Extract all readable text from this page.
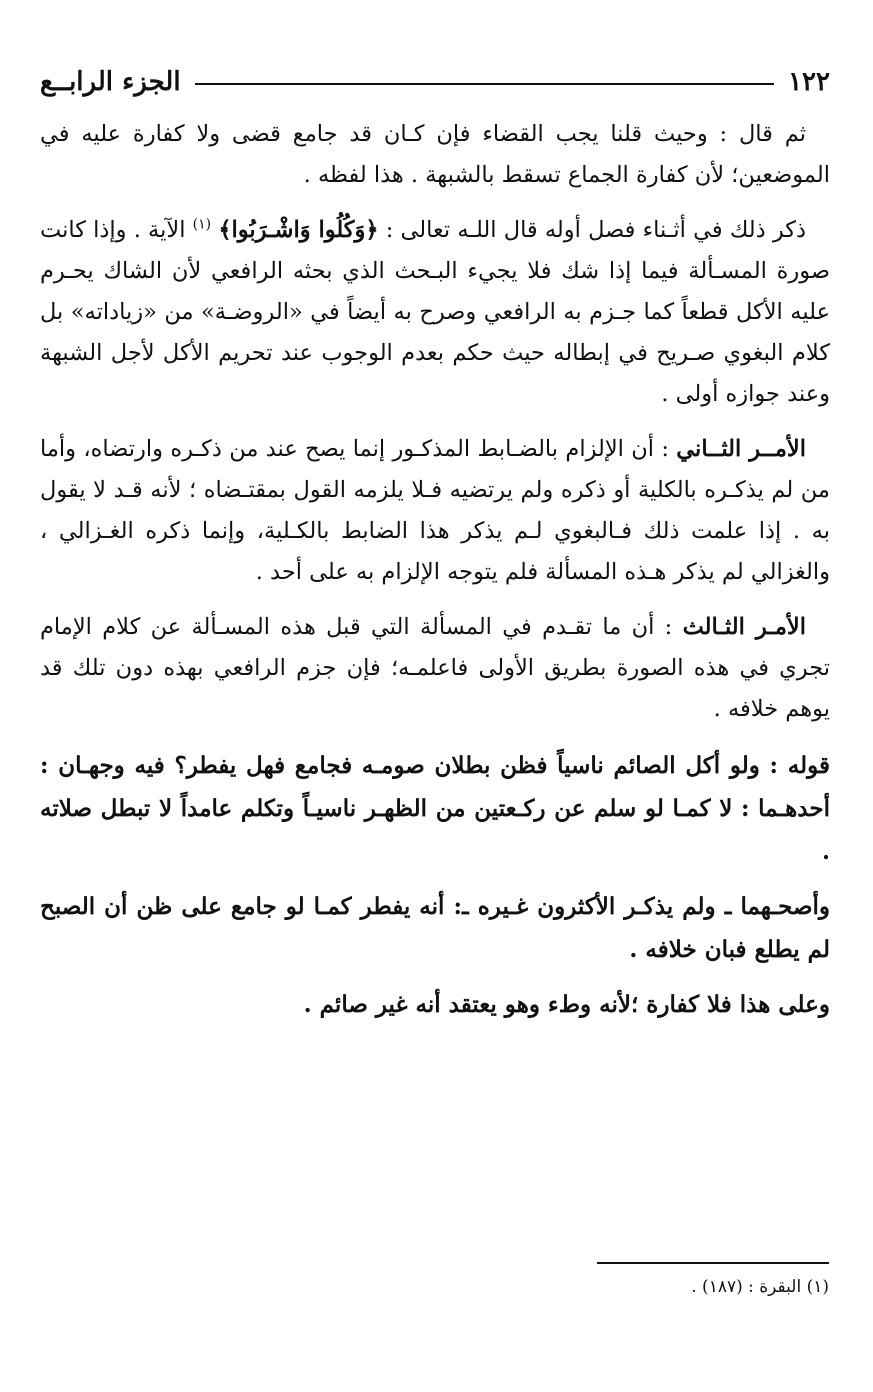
١٢٢
الجزء الرابــع

ثم قال : وحيث قلنا يجب القضاء فإن كـان قد جامع قضى ولا كفارة عليه في الموضعين؛ لأن كفارة الجماع تسقط بالشبهة . هذا لفظه .

ذكر ذلك في أثـناء فصل أوله قال اللـه تعالى : ﴿وَكُلُوا وَاشْـرَبُوا﴾ $^{(١)}$ الآية . وإذا كانت صورة المسـألة فيما إذا شك فلا يجيء البـحث الذي بحثه الرافعي لأن الشاك يحـرم عليه الأكل قطعاً كما جـزم به الرافعي وصرح به أيضاً في «الروضـة» من «زياداته» بل كلام البغوي صـريح في إبطاله حيث حكم بعدم الوجوب عند تحريم الأكل لأجل الشبهة وعند جوازه أولى .

الأمــر الثــاني : أن الإلزام بالضـابط المذكـور إنما يصح عند من ذكـره وارتضاه، وأما من لم يذكـره بالكلية أو ذكره ولم يرتضيه فـلا يلزمه القول بمقتـضاه ؛ لأنه قـد لا يقول به . إذا علمت ذلك فـالبغوي لـم يذكر هذا الضابط بالكـلية، وإنما ذكره الغـزالي ، والغزالي لم يذكر هـذه المسألة فلم يتوجه الإلزام به على أحد .

الأمـر الثـالث : أن ما تقـدم في المسألة التي قبل هذه المسـألة عن كلام الإمام تجري في هذه الصورة بطريق الأولى فاعلمـه؛ فإن جزم الرافعي بهذه دون تلك قد يوهم خلافه .

قوله : ولو أكل الصائم ناسياً فظن بطلان صومـه فجامع فهل يفطر؟ فيه وجهـان : أحدهـما : لا كمـا لو سلم عن ركـعتين من الظهـر ناسيـاً وتكلم عامداً لا تبطل صلاته .

وأصحـهما ـ ولم يذكـر الأكثرون غـيره ـ: أنه يفطر كمـا لو جامع على ظن أن الصبح لم يطلع فبان خلافه .

وعلى هذا فلا كفارة ؛لأنه وطء وهو يعتقد أنه غير صائم .

(١) البقرة : (١٨٧) .
